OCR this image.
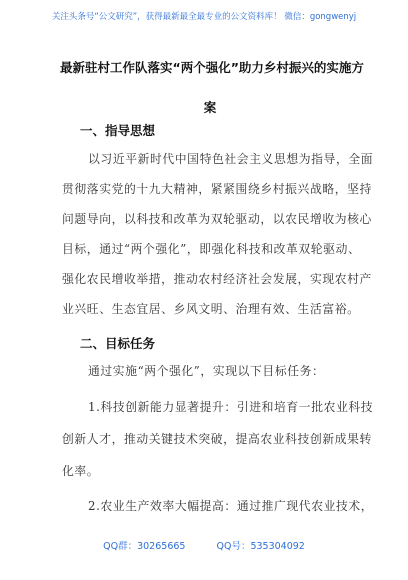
关注头条号“公文研究”，获得最新最全最专业的公文资料库！ 微信：gongwenyj
最新驻村工作队落实“两个强化”助力乡村振兴的实施方
案
一、指导思想
以习近平新时代中国特色社会主义思想为指导，全面
贯彻落实党的十九大精神，紧紧围绕乡村振兴战略，坚持
问题导向，以科技和改革为双轮驱动，以农民增收为核心
目标，通过“两个强化”，即强化科技和改革双轮驱动、
强化农民增收举措，推动农村经济社会发展，实现农村产
业兴旺、生态宜居、乡风文明、治理有效、生活富裕。
二、目标任务
通过实施“两个强化”，实现以下目标任务：
1.科技创新能力显著提升：引进和培育一批农业科技
创新人才，推动关键技术突破，提高农业科技创新成果转
化率。
2.农业生产效率大幅提高：通过推广现代农业技术，
QQ群：30265665	QQ号：535304092
